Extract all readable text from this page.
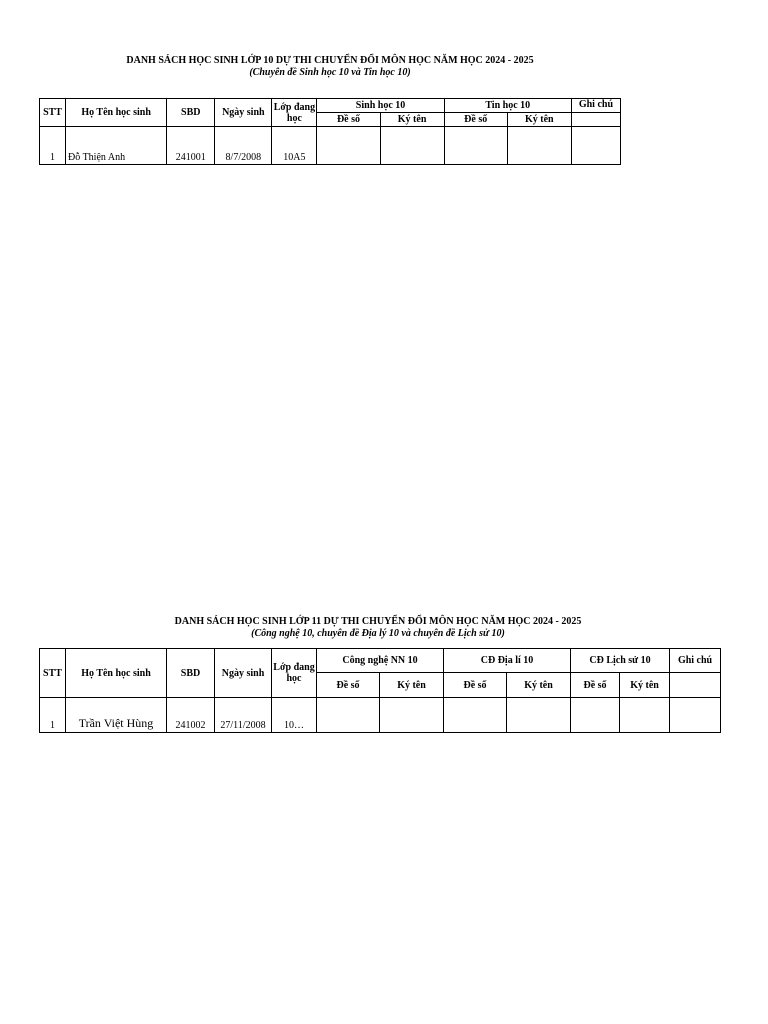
DANH SÁCH HỌC SINH LỚP 10 DỰ THI CHUYỂN ĐỔI MÔN HỌC NĂM HỌC 2024 - 2025
(Chuyên đề Sinh học 10 và Tin học 10)
STT	Họ Tên học sinh	SBD	Ngày sinh	Lớp đang học	Sinh học 10		Tin học 10		Ghi chú
					Đề số	Ký tên	Đề số	Ký tên	
1	Đỗ Thiện Anh	241001	8/7/2008	10A5					
DANH SÁCH HỌC SINH LỚP 11 DỰ THI CHUYỂN ĐỔI MÔN HỌC NĂM HỌC 2024 - 2025
(Công nghệ 10, chuyên đề Địa lý 10 và chuyên đề Lịch sử 10)
STT	Họ Tên học sinh	SBD	Ngày sinh	Lớp đang học	Công nghệ NN 10		CĐ Địa lí 10		CĐ Lịch sử 10		Ghi chú
					Đề số	Ký tên	Đề số	Ký tên	Đề số	Ký tên	
1	Trần Việt Hùng	241002	27/11/2008	10…							
